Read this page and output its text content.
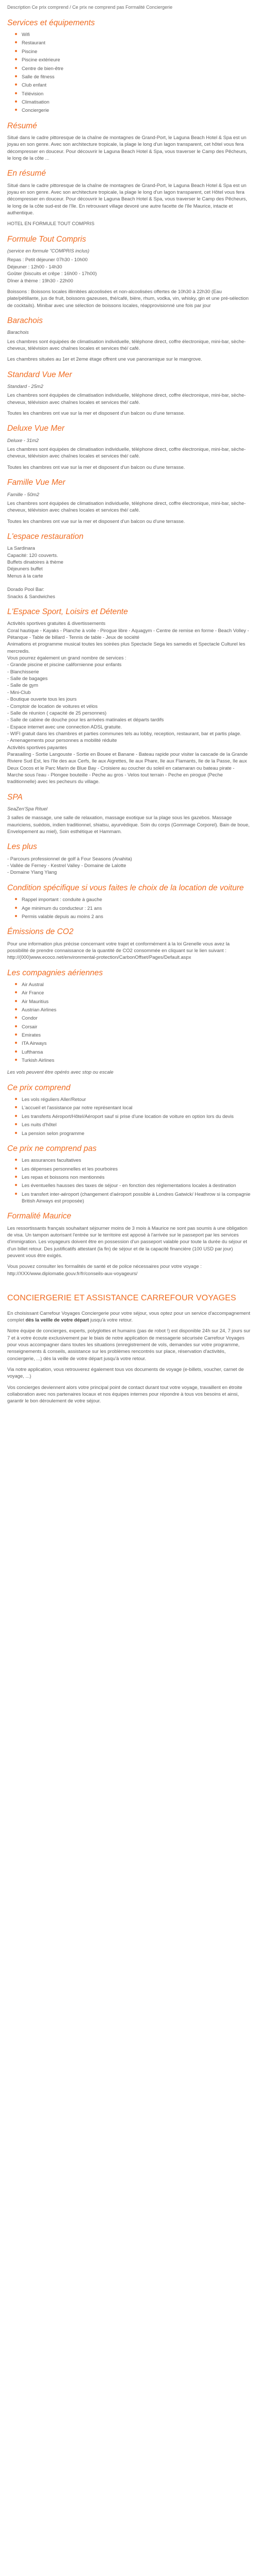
Description Ce prix comprend / Ce prix ne comprend pas Formalité Conciergerie
Services et équipements
Wifi
Restaurant
Piscine
Piscine extérieure
Centre de bien-être
Salle de fitness
Club enfant
Télévision
Climatisation
Conciergerie
Résumé

Situé dans le cadre pittoresque de la chaîne de montagnes de Grand-Port, le Laguna Beach Hotel & Spa est un joyau en son genre. Avec son architecture tropicale, la plage le long d'un lagon transparent, cet hôtel vous fera décompresser en douceur. Pour découvrir le Laguna Beach Hotel & Spa, vous traverser le Camp des Pêcheurs, le long de la côte ...

En résumé

Situé dans le cadre pittoresque de la chaîne de montagnes de Grand-Port, le Laguna Beach Hotel & Spa est un joyau en son genre. Avec son architecture tropicale, la plage le long d'un lagon transparent, cet Hôtel vous fera décompresser en douceur. Pour découvrir le Laguna Beach Hotel & Spa, vous traverser le Camp des Pêcheurs, le long de la côte sud-est de l'île. En retrouvant village devoré une autre facette de l'île Maurice, intacte et authentique.

HOTEL EN FORMULE TOUT COMPRIS

Formule Tout Compris

(service en formule "COMPRIS inclus)

Repas : Petit déjeuner 07h30 - 10h00
Déjeuner : 12h00 - 14h30
Goûter (biscuits et crêpe : 16h00 - 17h00)
Dîner à thème : 19h30 - 22h00

Boissons : Boissons locales illimitées alcoolisées et non-alcoolisées offertes de 10h30 à 22h30 (Eau plate/pétillante, jus de fruit, boissons gazeuses, thé/café, bière, rhum, vodka, vin, whisky, gin et une pré-sélection de cocktails). Minibar avec une sélection de boissons locales, réapprovisionné une fois par jour

Barachois

Barachois

Les chambres sont équipées de climatisation individuelle, téléphone direct, coffre électronique, mini-bar, sèche-cheveux, télévision avec chaînes locales et services thé/ café.

Les chambres situées au 1er et 2eme étage offrent une vue panoramique sur le mangrove.

Standard Vue Mer

Standard - 25m2

Les chambres sont équipées de climatisation individuelle, téléphone direct, coffre électronique, mini-bar, sèche-cheveux, télévision avec chaînes locales et services thé/ café.

Toutes les chambres ont vue sur la mer et disposent d'un balcon ou d'une terrasse.

Deluxe Vue Mer

Deluxe - 31m2

Les chambres sont équipées de climatisation individuelle, téléphone direct, coffre électronique, mini-bar, sèche-cheveux, télévision avec chaînes locales et services thé/ café.

Toutes les chambres ont vue sur la mer et disposent d'un balcon ou d'une terrasse.

Famille Vue Mer

Famille - 50m2

Les chambres sont équipées de climatisation individuelle, téléphone direct, coffre électronique, mini-bar, sèche-cheveux, télévision avec chaînes locales et services thé/ café.

Toutes les chambres ont vue sur la mer et disposent d'un balcon ou d'une terrasse.

L'espace restauration

La Sardinara
Capacité: 120 couverts.
Buffets dinatoires à thème
Déjeuners buffet
Menus à la carte

Dorado Pool Bar:
Snacks & Sandwiches

L'Espace Sport, Loisirs et Détente

Activités sportives gratuites & divertissements
Coral hautique - Kayaks - Planche à voile - Pirogue libre - Aquagym - Centre de remise en forme - Beach Volley - Pétanque - Table de billard - Tennis de table - Jeux de société
Animations et programme musical toutes les soirées plus Spectacle Sega les samedis et Spectacle Culturel les mercredis.
Vous pourrez également un grand nombre de services :
- Grande piscine et piscine californienne pour enfants
- Blanchisserie
- Salle de bagages
- Salle de gym
- Mini-Club
- Boutique ouverte tous les jours
- Comptoir de location de voitures et vélos
- Salle de réunion ( capacité de 25 personnes)
- Salle de cabine de douche pour les arrivées matinales et départs tardifs
- Espace internet avec une connection ADSL gratuite.
- WIFI gratuit dans les chambres et parties communes tels au lobby, reception, restaurant, bar et partis plage.
- Amenagements pour personnes a mobilité réduite
Activités sportives payantes
Parasailing - Sortie Langouste - Sortie en Bouee et Banane - Bateau rapide pour visiter la cascade de la Grande Riviere Sud Est, les l'Ile des aux Cerfs, Ile aux Aigrettes, Ile aux Phare, Ile aux Flamants, Ile de la Passe, Ile aux Deux Cocos et le Parc Marin de Blue Bay - Croisiere au coucher du soleil en catamaran ou bateau pirate - Marche sous l'eau - Plongee bouteille - Peche au gros - Velos tout terrain - Peche en pirogue (Peche traditionnelle) avec les pecheurs du village.

SPA

SeaZen'Spa Rituel

3 salles de massage, une salle de relaxation, massage exotique sur la plage sous les gazebos. Massage mauriciens, suédois, indien traditionnel, shiatsu, ayurvédique. Soin du corps (Gommage Corporel). Bain de boue, Envelopement au miel), Soin esthétique et Hammam.

Les plus

- Parcours professionnel de golf à Four Seasons (Anahita)
- Vallée de Ferney - Kestrel Valley - Domaine de Lalotte
- Domaine Ylang Ylang

Condition spécifique si vous faites le choix de la location de voiture
Rappel important : conduite à gauche
Age minimum du conducteur : 21 ans
Permis valable depuis au moins 2 ans
Émissions de CO2

Pour une information plus précise concernant votre trajet et conformément à la loi Grenelle vous avez la possibilité de prendre connaissance de la quantité de CO2 consommée en cliquant sur le lien suivant : http://(000)www.ecoco.net/environmental-protection/CarbonOffset/Pages/Default.aspx

Les compagnies aériennes
Air Austral
Air France
Air Mauritius
Austrian Airlines
Condor
Corsair
Emirates
ITA Airways
Lufthansa
Turkish Airlines

Les vols peuvent être opérés avec stop ou escale

Ce prix comprend
Les vols réguliers Aller/Retour
L'accueil et l'assistance par notre représentant local
Les transferts Aéroport/Hôtel/Aéroport sauf si prise d'une location de voiture en option lors du devis
Les nuits d'hôtel
La pension selon programme
Ce prix ne comprend pas
Les assurances facultatives
Les dépenses personnelles et les pourboires
Les repas et boissons non mentionnés
Les éventuelles hausses des taxes de séjour - en fonction des réglementations locales à destination
Les transfert inter-aéroport (changement d'aéroport possible à Londres Gatwick/ Heathrow si la compagnie British Airways est proposée)
Formalité Maurice

Les ressortissants français souhaitant séjourner moins de 3 mois à Maurice ne sont pas soumis à une obligation de visa. Un tampon autorisant l'entrée sur le territoire est apposé à l'arrivée sur le passeport par les services d'immigration. Les voyageurs doivent être en possession d'un passeport valable pour toute la durée du séjour et d'un billet retour. Des justificatifs attestant (la fin) de séjour et de la capacité financière (100 USD par jour) peuvent vous être exigés.

Vous pouvez consulter les formalités de santé et de police nécessaires pour votre voyage : http://XXX/www.diplomatie.gouv.fr/fr/conseils-aux-voyageurs/

CONCIERGERIE ET ASSISTANCE CARREFOUR VOYAGES

En choisissant Carrefour Voyages Conciergerie pour votre séjour, vous optez pour un service d'accompagnement complet dès la veille de votre départ jusqu'à votre retour.

Notre équipe de concierges, experts, polyglottes et humains (pas de robot !) est disponible 24h sur 24, 7 jours sur 7 et à votre écoute exclusivement par le biais de notre application de messagerie sécurisée Carrefour Voyages pour vous accompagner dans toutes les situations (enregistrement de vols, demandes sur votre programme, renseignements & conseils, assistance sur les problèmes rencontrés sur place, réservation d'activités, conciergerie, ...) dès la veille de votre départ jusqu'à votre retour.

Via notre application, vous retrouverez également tous vos documents de voyage (e-billets, voucher, carnet de voyage, ...)

Vos concierges deviennent alors votre principal point de contact durant tout votre voyage, travaillent en étroite collaboration avec nos partenaires locaux et nos équipes internes pour répondre à tous vos besoins et ainsi, garantir le bon déroulement de votre séjour.
